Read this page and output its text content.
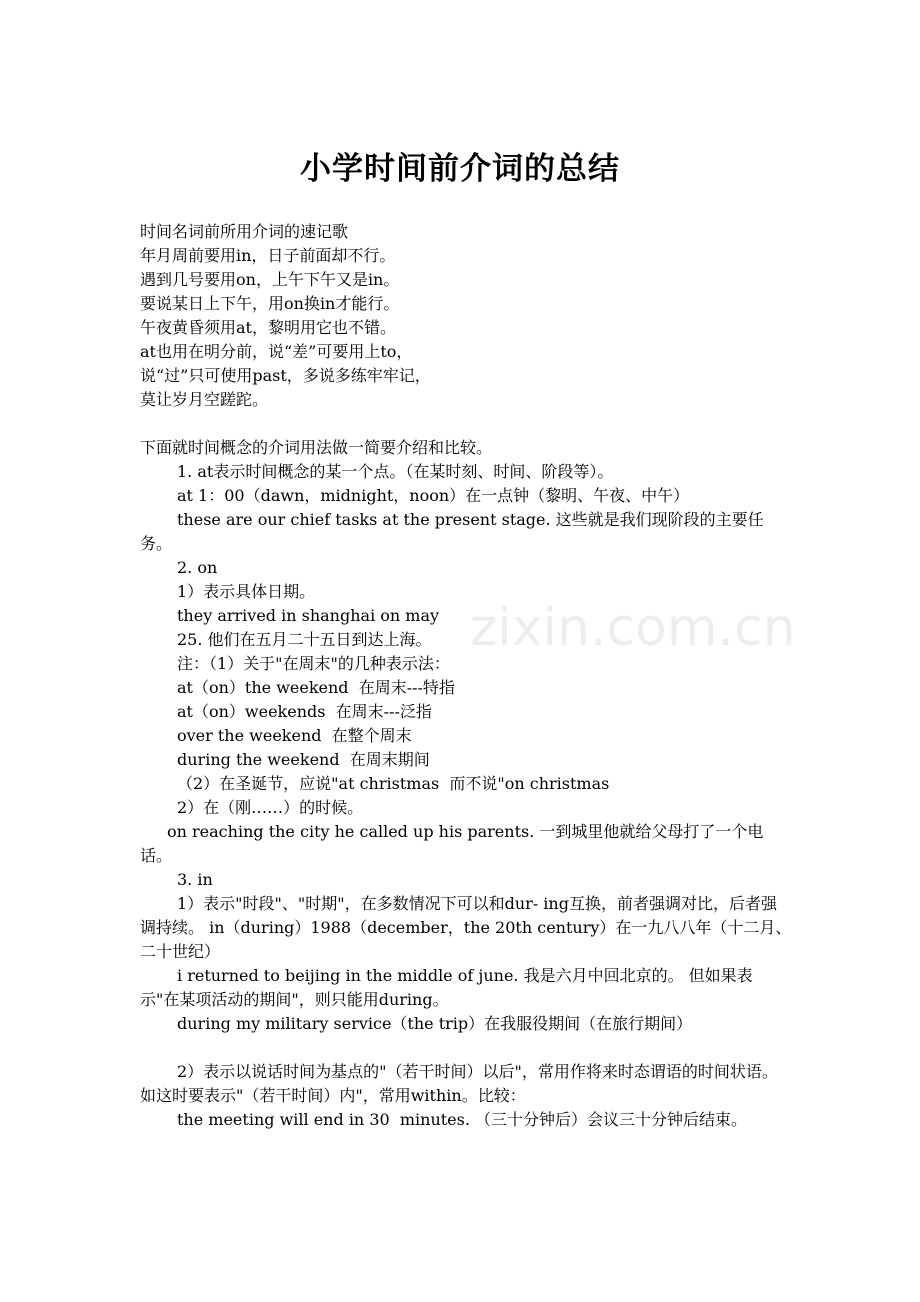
小学时间前介词的总结
zixin.com.cn

时间名词前所用介词的速记歌

年月周前要用in，日子前面却不行。

遇到几号要用on，上午下午又是in。

要说某日上下午，用on换in才能行。

午夜黄昏须用at，黎明用它也不错。

at也用在明分前，说“差”可要用上to，

说“过”只可使用past，多说多练牢牢记，

莫让岁月空蹉跎。

下面就时间概念的介词用法做一简要介绍和比较。

1. at表示时间概念的某一个点。（在某时刻、时间、阶段等）。

at 1：00（dawn，midnight，noon）在一点钟（黎明、午夜、中午）

these are our chief tasks at the present stage. 这些就是我们现阶段的主要任务。

2. on

1）表示具体日期。

they arrived in shanghai on may

25. 他们在五月二十五日到达上海。

注：（1）关于"在周末"的几种表示法：

at（on）the weekend  在周末---特指

at（on）weekends  在周末---泛指

over the weekend  在整个周末

during the weekend  在周末期间

（2）在圣诞节，应说"at christmas  而不说"on christmas

2）在（刚……）的时候。

on reaching the city he called up his parents. 一到城里他就给父母打了一个电话。

3. in

1）表示"时段"、"时期"，在多数情况下可以和dur- ing互换，前者强调对比，后者强调持续。 in（during）1988（december，the 20th century）在一九八八年（十二月、二十世纪）

i returned to beijing in the middle of june. 我是六月中回北京的。 但如果表示"在某项活动的期间"，则只能用during。

during my military service（the trip）在我服役期间（在旅行期间）

2）表示以说话时间为基点的"（若干时间）以后"，常用作将来时态谓语的时间状语。如这时要表示"（若干时间）内"，常用within。比较：

the meeting will end in 30  minutes. （三十分钟后）会议三十分钟后结束。
